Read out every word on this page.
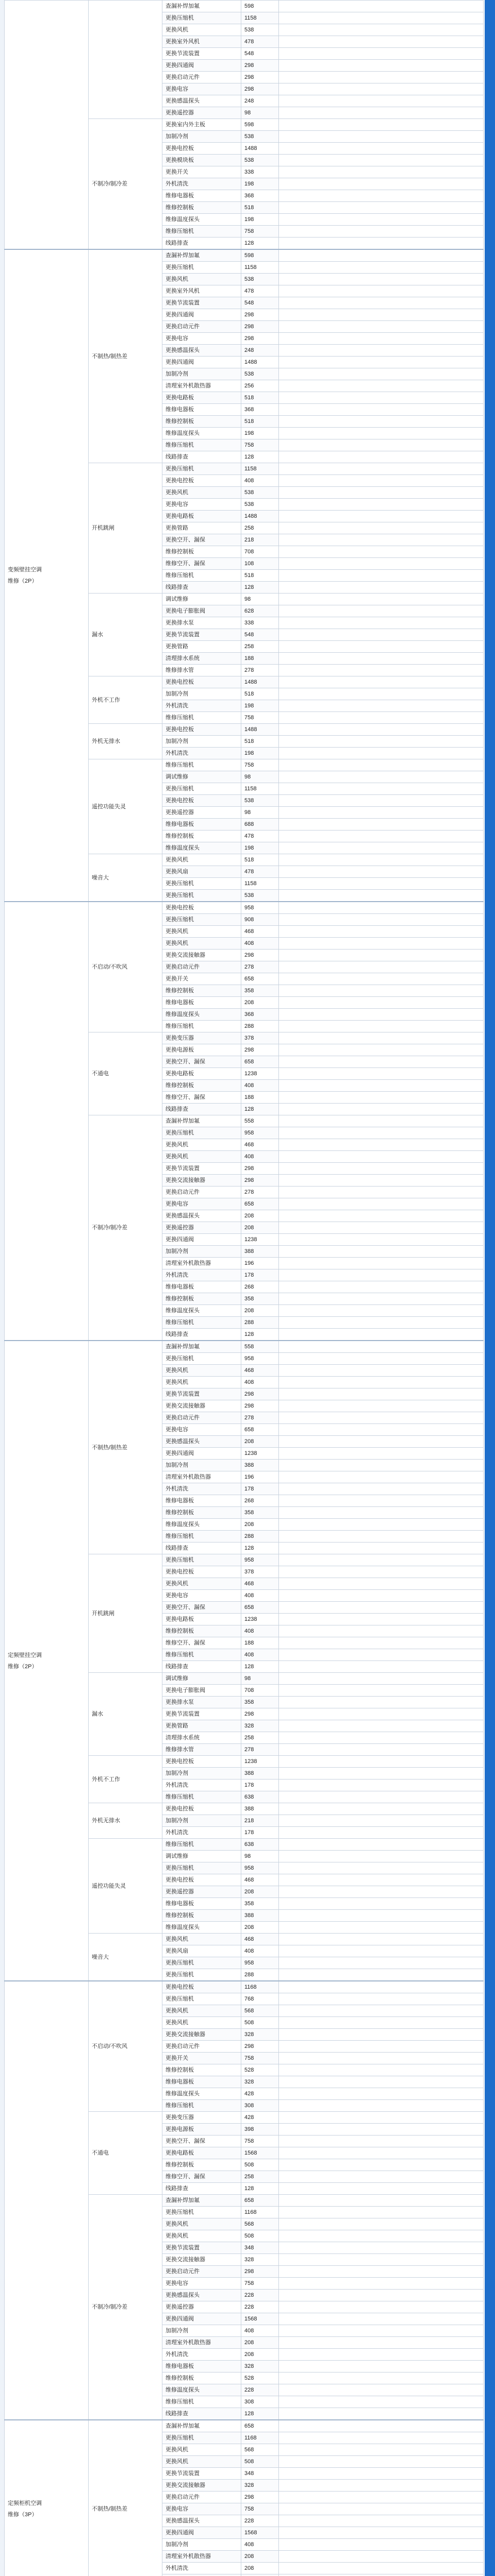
		查漏补焊加氟	598	
		更换压缩机	1158	
		更换风机	538	
		更换室外风机	478	
		更换节流装置	548	
		更换四通阀	298	
		更换启动元件	298	
		更换电容	298	
		更换感温探头	248	
		更换遥控器	98	
	不制冷/制冷差	更换室内外主板	598	
		加制冷剂	538	
		更换电控板	1488	
		更换模块板	538	
		更换开关	338	
		外机清洗	198	
		维修电器板	368	
		维修控制板	518	
		维修温度探头	198	
		维修压缩机	758	
		线路排查	128	

变频壁挂空调
维修（2P）	不制热/制热差	查漏补焊加氟	598	
		更换压缩机	1158	
		更换风机	538	
		更换室外风机	478	
		更换节流装置	548	
		更换四通阀	298	
		更换启动元件	298	
		更换电容	298	
		更换感温探头	248	
		更换四通阀	1488	
		加制冷剂	538	
		清理室外机散热器	256	
		更换电路板	518	
		维修电器板	368	
		维修控制板	518	
		维修温度探头	198	
		维修压缩机	758	
		线路排查	128	
	开机跳闸	更换压缩机	1158	
		更换电控板	408	
		更换风机	538	
		更换电容	538	
		更换电路板	1488	
		更换管路	258	
		更换空开、漏保	218	
		维修控制板	708	
		维修空开、漏保	108	
		维修压缩机	518	
		线路排查	128	
	漏水	调试维修	98	
		更换电子膨胀阀	628	
		更换排水泵	338	
		更换节流装置	548	
		更换管路	258	
		清理排水系统	188	
		维修排水管	278	
	外机不工作	更换电控板	1488	
		加制冷剂	518	
		外机清洗	198	
		维修压缩机	758	
	外机无排水	更换电控板	1488	
		加制冷剂	518	
		外机清洗	198	
	遥控功能失灵	维修压缩机	758	
		调试维修	98	
		更换压缩机	1158	
		更换电控板	538	
		更换遥控器	98	
		维修电器板	688	
		维修控制板	478	
		维修温度探头	198	
	噪音大	更换风机	518	
		更换风扇	478	
		更换压缩机	1158	
		更换压缩机	538	

	不启动/不吹风	更换电控板	958	
		更换压缩机	908	
		更换风机	468	
		更换风机	408	
		更换交流接触器	298	
		更换启动元件	278	
		更换开关	658	
		维修控制板	358	
		维修电器板	208	
		维修温度探头	368	
		维修压缩机	288	
	不通电	更换变压器	378	
		更换电源板	298	
		更换空开、漏保	658	
		更换电路板	1238	
		维修控制板	408	
		维修空开、漏保	188	
		线路排查	128	
	不制冷/制冷差	查漏补焊加氟	558	
		更换压缩机	958	
		更换风机	468	
		更换风机	408	
		更换节流装置	298	
		更换交流接触器	298	
		更换启动元件	278	
		更换电容	658	
		更换感温探头	208	
		更换遥控器	208	
		更换四通阀	1238	
		加制冷剂	388	
		清理室外机散热器	196	
		外机清洗	178	
		维修电器板	268	
		维修控制板	358	
		维修温度探头	208	
		维修压缩机	288	
		线路排查	128	

定频壁挂空调
维修（2P）	不制热/制热差	查漏补焊加氟	558	
		更换压缩机	958	
		更换风机	468	
		更换风机	408	
		更换节流装置	298	
		更换交流接触器	298	
		更换启动元件	278	
		更换电容	658	
		更换感温探头	208	
		更换四通阀	1238	
		加制冷剂	388	
		清理室外机散热器	196	
		外机清洗	178	
		维修电器板	268	
		维修控制板	358	
		维修温度探头	208	
		维修压缩机	288	
		线路排查	128	
	开机跳闸	更换压缩机	958	
		更换电控板	378	
		更换风机	468	
		更换电容	408	
		更换空开、漏保	658	
		更换电路板	1238	
		维修控制板	408	
		维修空开、漏保	188	
		维修压缩机	408	
		线路排查	128	
	漏水	调试维修	98	
		更换电子膨胀阀	708	
		更换排水泵	358	
		更换节流装置	298	
		更换管路	328	
		清理排水系统	258	
		维修排水管	278	
	外机不工作	更换电控板	1238	
		加制冷剂	388	
		外机清洗	178	
		维修压缩机	638	
	外机无排水	更换电控板	388	
		加制冷剂	218	
		外机清洗	178	
	遥控功能失灵	维修压缩机	638	
		调试维修	98	
		更换压缩机	958	
		更换电控板	468	
		更换遥控器	208	
		维修电器板	358	
		维修控制板	388	
		维修温度探头	208	
	噪音大	更换风机	468	
		更换风扇	408	
		更换压缩机	958	
		更换压缩机	288	

	不启动/不吹风	更换电控板	1168	
		更换压缩机	768	
		更换风机	568	
		更换风机	508	
		更换交流接触器	328	
		更换启动元件	298	
		更换开关	758	
		维修控制板	528	
		维修电器板	328	
		维修温度探头	428	
		维修压缩机	308	
	不通电	更换变压器	428	
		更换电源板	398	
		更换空开、漏保	758	
		更换电路板	1568	
		维修控制板	508	
		维修空开、漏保	258	
		线路排查	128	
	不制冷/制冷差	查漏补焊加氟	658	
		更换压缩机	1168	
		更换风机	568	
		更换风机	508	
		更换节流装置	348	
		更换交流接触器	328	
		更换启动元件	298	
		更换电容	758	
		更换感温探头	228	
		更换遥控器	228	
		更换四通阀	1568	
		加制冷剂	408	
		清理室外机散热器	208	
		外机清洗	208	
		维修电器板	328	
		维修控制板	528	
		维修温度探头	228	
		维修压缩机	308	
		线路排查	128	

定频柜机空调
维修（3P）	不制热/制热差	查漏补焊加氟	658	
		更换压缩机	1168	
		更换风机	568	
		更换风机	508	
		更换节流装置	348	
		更换交流接触器	328	
		更换启动元件	298	
		更换电容	758	
		更换感温探头	228	
		更换四通阀	1568	
		加制冷剂	408	
		清理室外机散热器	208	
		外机清洗	208	
